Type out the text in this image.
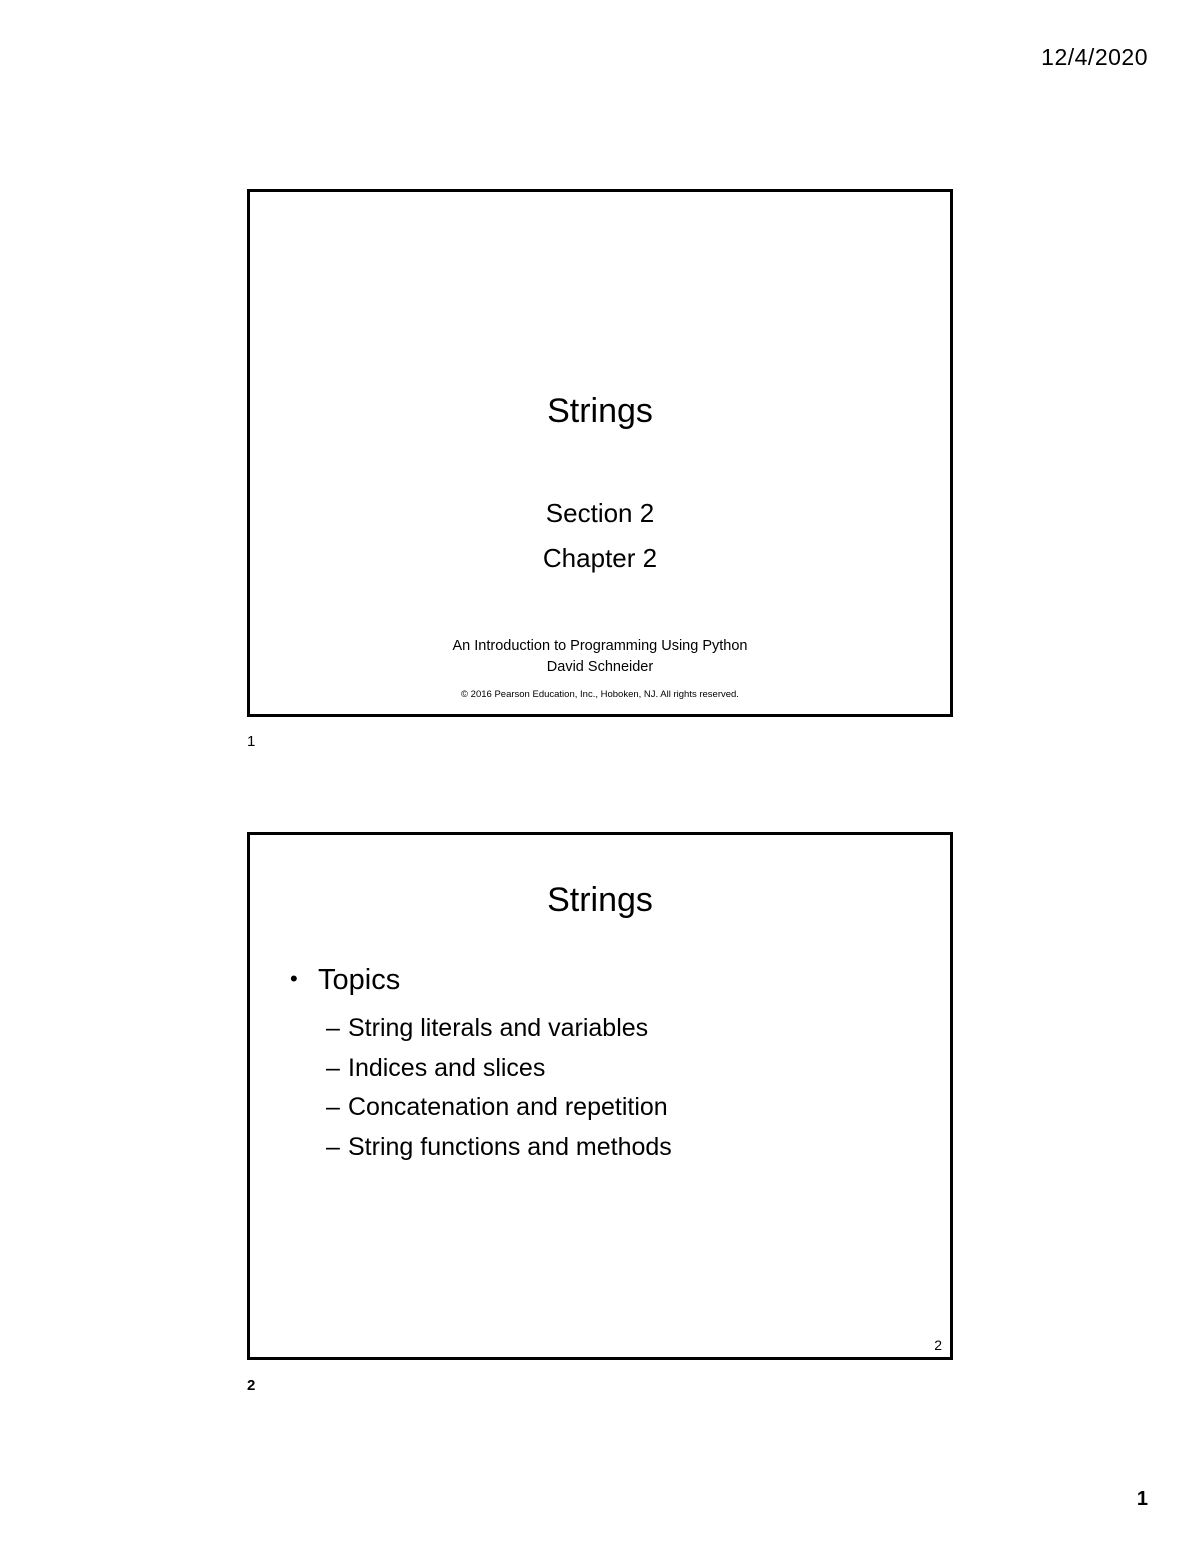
12/4/2020
Strings
Section 2
Chapter 2
An Introduction to Programming Using Python
David Schneider
© 2016 Pearson Education, Inc., Hoboken, NJ. All rights reserved.
1
Strings
• Topics
– String literals and variables
– Indices and slices
– Concatenation and repetition
– String functions and methods
2
2
1
